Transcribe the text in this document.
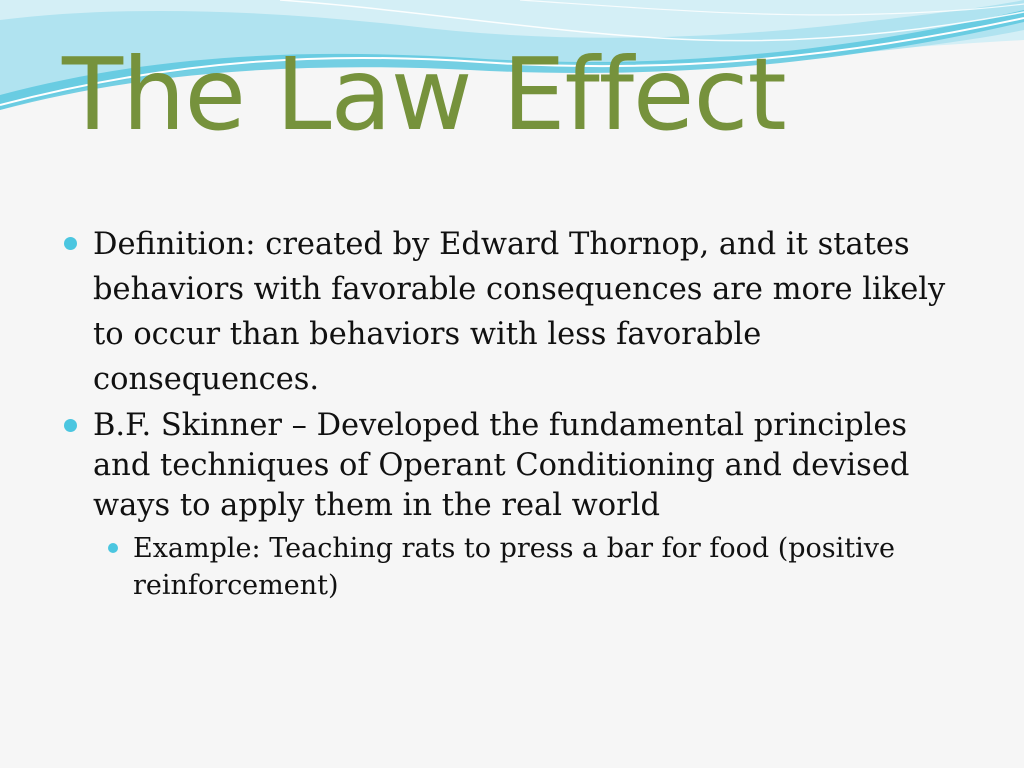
The Law Effect
Definition: created by Edward Thornop, and it states behaviors with favorable consequences are more likely to occur than behaviors with less favorable consequences.
B.F. Skinner – Developed the fundamental principles and techniques of Operant Conditioning and devised ways to apply them in the real world
Example: Teaching rats to press a bar for food (positive reinforcement)
